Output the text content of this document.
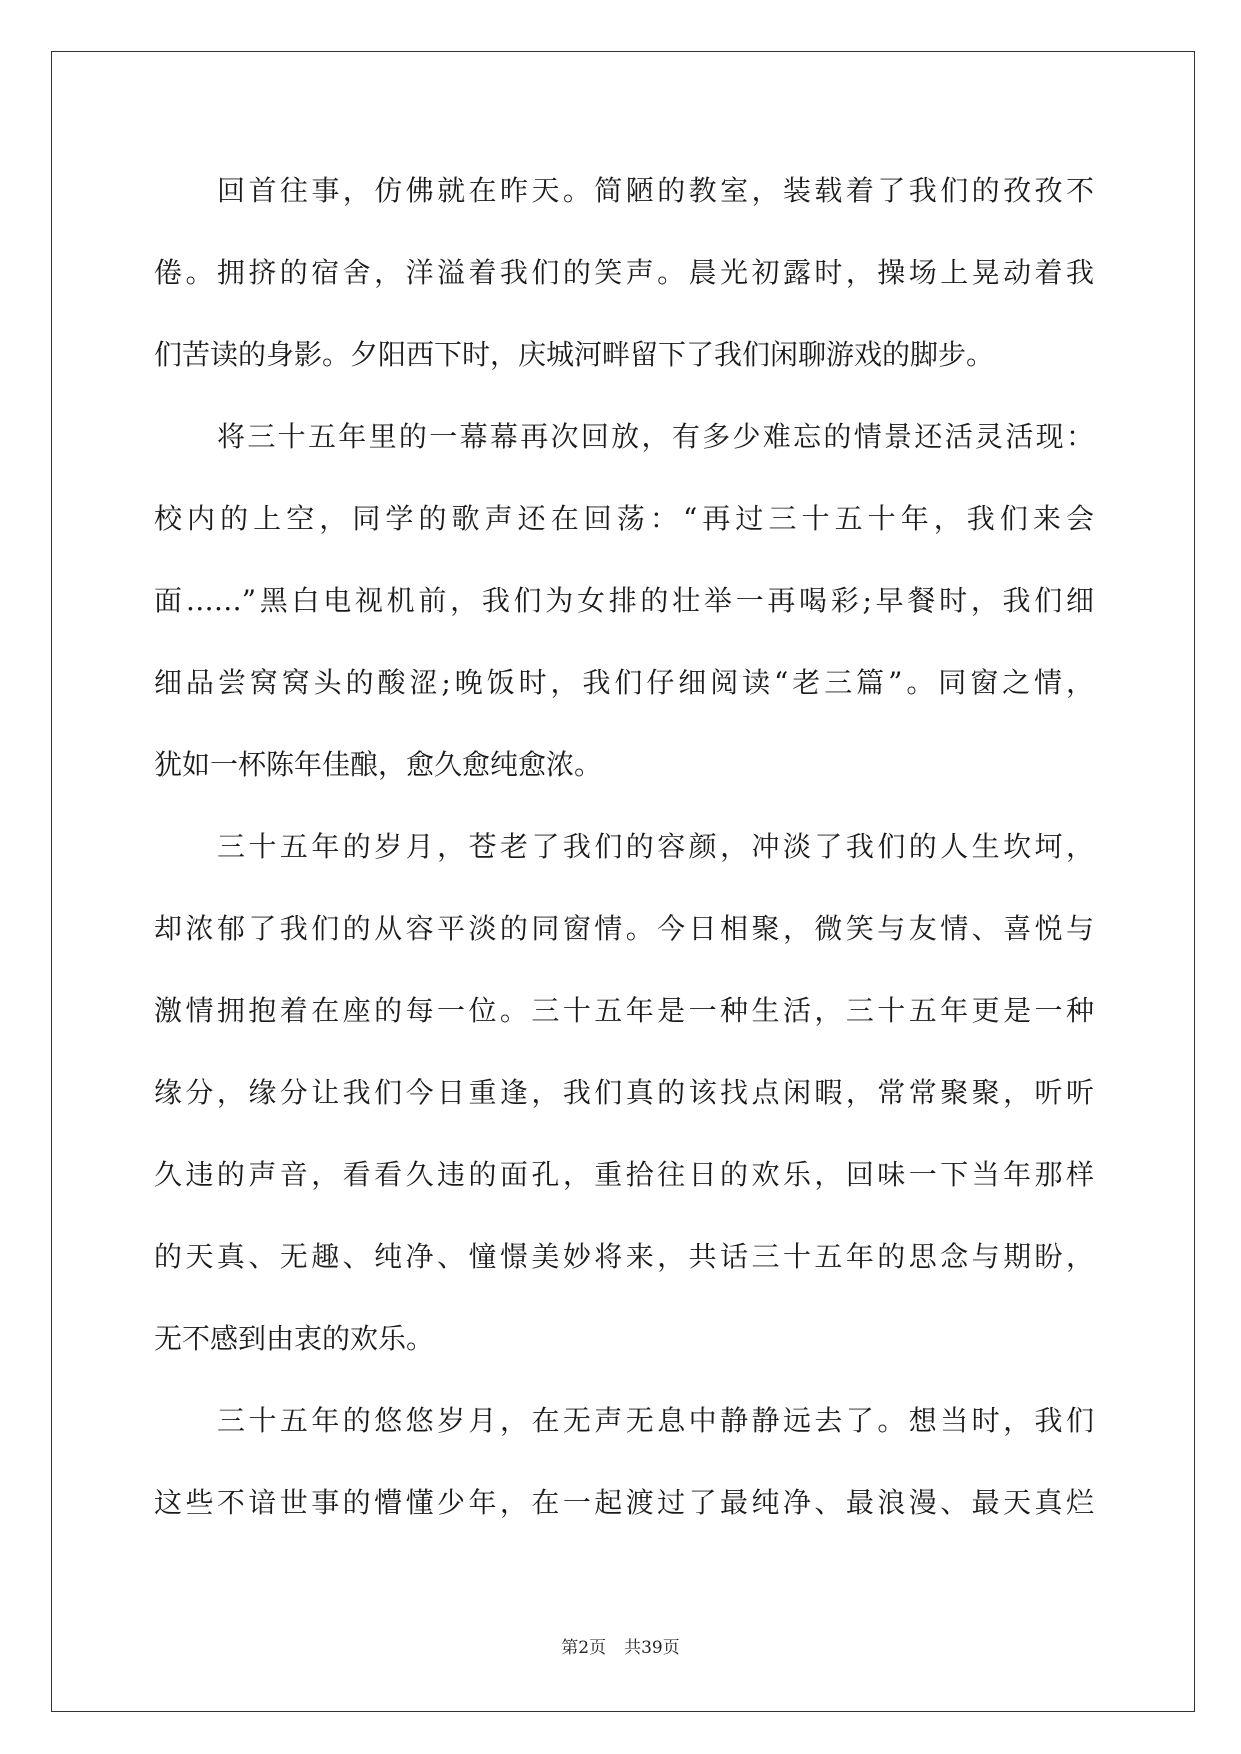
回首往事，仿佛就在昨天。简陋的教室，装载着了我们的孜孜不
倦。拥挤的宿舍，洋溢着我们的笑声。晨光初露时，操场上晃动着我
们苦读的身影。夕阳西下时，庆城河畔留下了我们闲聊游戏的脚步。
将三十五年里的一幕幕再次回放，有多少难忘的情景还活灵活现：
校内的上空，同学的歌声还在回荡：“再过三十五十年，我们来会
面……”黑白电视机前，我们为女排的壮举一再喝彩;早餐时，我们细
细品尝窝窝头的酸涩;晚饭时，我们仔细阅读“老三篇”。同窗之情，
犹如一杯陈年佳酿，愈久愈纯愈浓。
三十五年的岁月，苍老了我们的容颜，冲淡了我们的人生坎坷，
却浓郁了我们的从容平淡的同窗情。今日相聚，微笑与友情、喜悦与
激情拥抱着在座的每一位。三十五年是一种生活，三十五年更是一种
缘分，缘分让我们今日重逢，我们真的该找点闲暇，常常聚聚，听听
久违的声音，看看久违的面孔，重拾往日的欢乐，回味一下当年那样
的天真、无趣、纯净、憧憬美妙将来，共话三十五年的思念与期盼，
无不感到由衷的欢乐。
三十五年的悠悠岁月，在无声无息中静静远去了。想当时，我们
这些不谙世事的懵懂少年，在一起渡过了最纯净、最浪漫、最天真烂
第2页 共39页
